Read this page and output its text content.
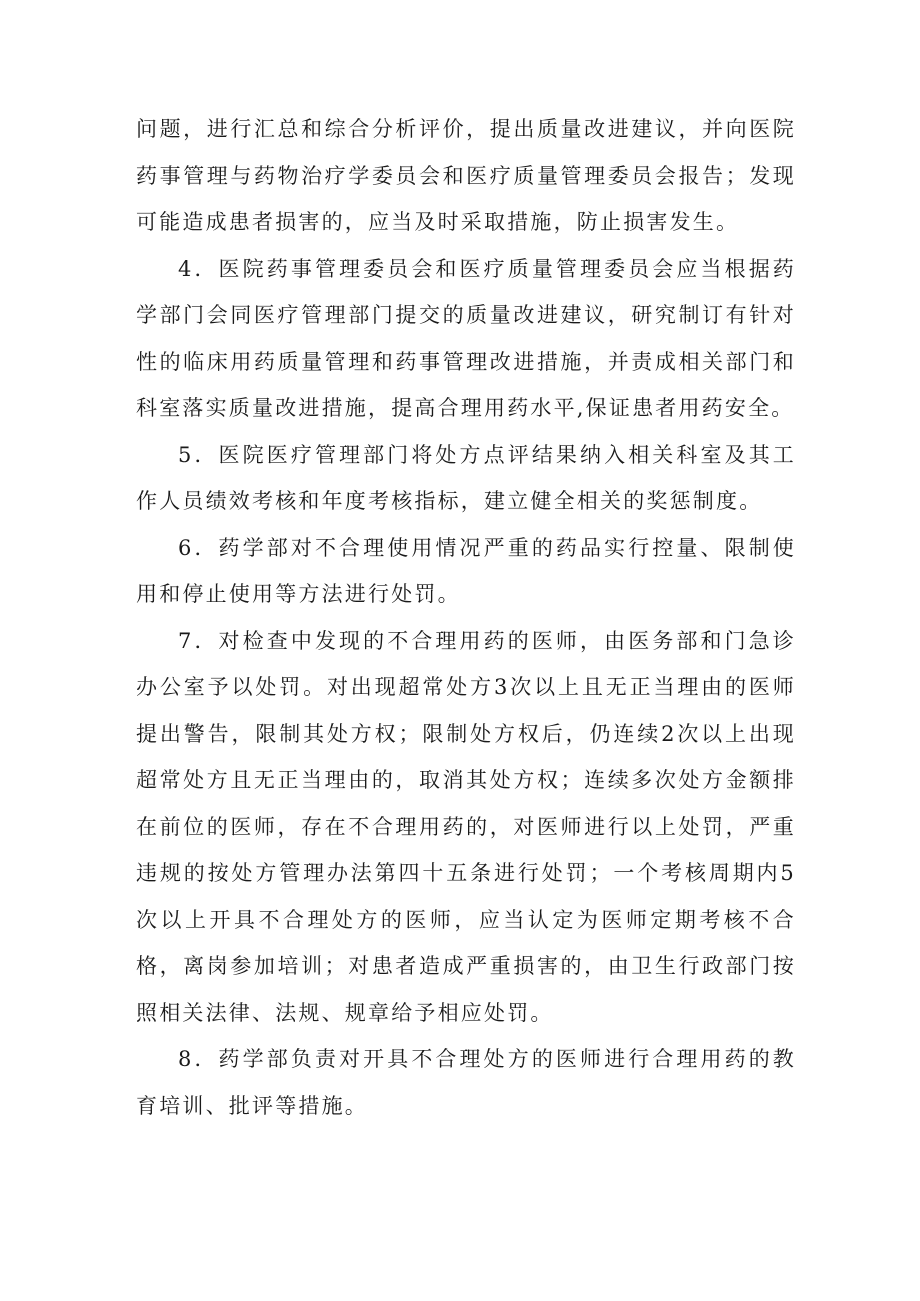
问题，进行汇总和综合分析评价，提出质量改进建议，并向医院药事管理与药物治疗学委员会和医疗质量管理委员会报告；发现可能造成患者损害的，应当及时采取措施，防止损害发生。

4．医院药事管理委员会和医疗质量管理委员会应当根据药学部门会同医疗管理部门提交的质量改进建议，研究制订有针对性的临床用药质量管理和药事管理改进措施，并责成相关部门和科室落实质量改进措施，提高合理用药水平,保证患者用药安全。

5．医院医疗管理部门将处方点评结果纳入相关科室及其工作人员绩效考核和年度考核指标，建立健全相关的奖惩制度。

6．药学部对不合理使用情况严重的药品实行控量、限制使用和停止使用等方法进行处罚。

7．对检查中发现的不合理用药的医师，由医务部和门急诊办公室予以处罚。对出现超常处方3次以上且无正当理由的医师提出警告，限制其处方权；限制处方权后，仍连续2次以上出现超常处方且无正当理由的，取消其处方权；连续多次处方金额排在前位的医师，存在不合理用药的，对医师进行以上处罚，严重违规的按处方管理办法第四十五条进行处罚；一个考核周期内5次以上开具不合理处方的医师，应当认定为医师定期考核不合格，离岗参加培训；对患者造成严重损害的，由卫生行政部门按照相关法律、法规、规章给予相应处罚。

8．药学部负责对开具不合理处方的医师进行合理用药的教育培训、批评等措施。
